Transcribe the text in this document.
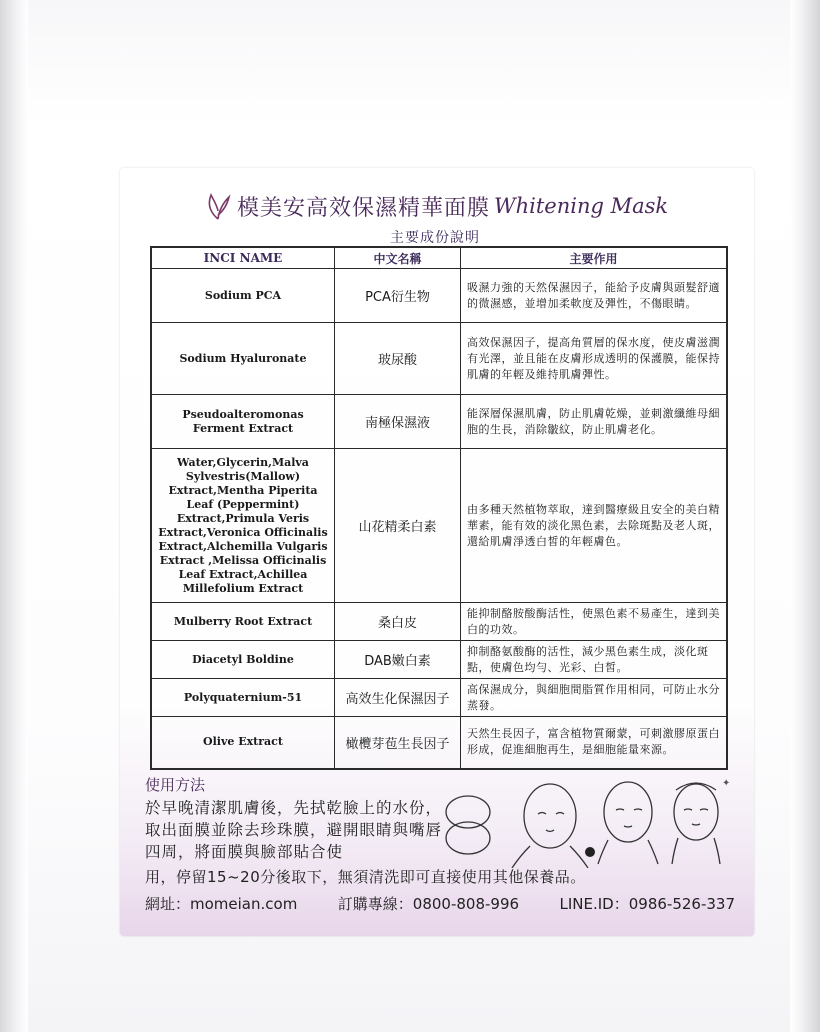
模美安高效保濕精華面膜 Whitening Mask
主要成份說明
INCI NAME	中文名稱	主要作用
Sodium PCA	PCA衍生物	吸濕力強的天然保濕因子，能給予皮膚與頭髮舒適的微濕感，並增加柔軟度及彈性，不傷眼睛。
Sodium Hyaluronate	玻尿酸	高效保濕因子，提高角質層的保水度，使皮膚滋潤有光澤，並且能在皮膚形成透明的保護膜，能保持肌膚的年輕及維持肌膚彈性。
Pseudoalteromonas Ferment Extract	南極保濕液	能深層保濕肌膚，防止肌膚乾燥，並刺激纖維母細胞的生長，消除皺紋，防止肌膚老化。
Water,Glycerin,Malva Sylvestris(Mallow) Extract,Mentha Piperita Leaf (Peppermint) Extract,Primula Veris Extract,Veronica Officinalis Extract,Alchemilla Vulgaris Extract ,Melissa Officinalis Leaf Extract,Achillea Millefolium Extract	山花精柔白素	由多種天然植物萃取，達到醫療級且安全的美白精華素，能有效的淡化黑色素，去除斑點及老人斑，還給肌膚淨透白皙的年輕膚色。
Mulberry Root Extract	桑白皮	能抑制酪胺酸酶活性，使黑色素不易產生，達到美白的功效。
Diacetyl Boldine	DAB嫩白素	抑制酪氨酸酶的活性，減少黑色素生成，淡化斑點，使膚色均勻、光彩、白皙。
Polyquaternium-51	高效生化保濕因子	高保濕成分，與細胞間脂質作用相同，可防止水分蒸發。
Olive Extract	橄欖芽苞生長因子	天然生長因子，富含植物質爾蒙，可刺激膠原蛋白形成，促進細胞再生，是細胞能量來源。
使用方法
於早晚清潔肌膚後，先拭乾臉上的水份，取出面膜並除去珍珠膜，避開眼睛與嘴唇四周，將面膜與臉部貼合使
用，停留15~20分後取下，無須清洗即可直接使用其他保養品。
✦
網址：momeian.com	訂購專線：0800-808-996	LINE.ID：0986-526-337
